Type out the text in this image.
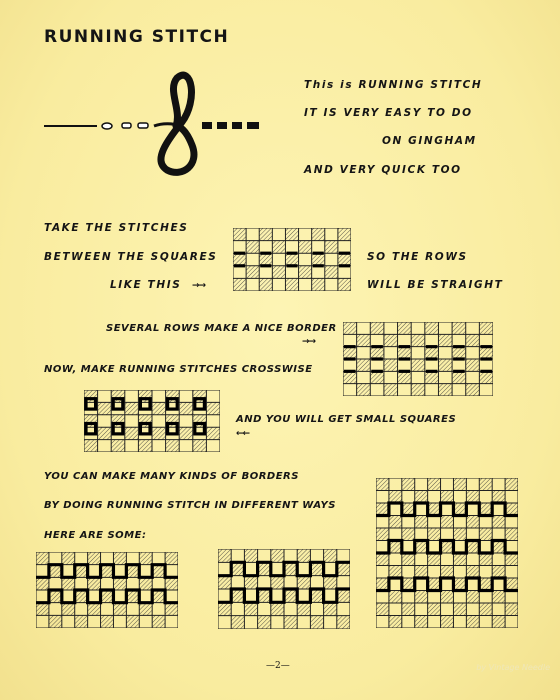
RUNNING STITCH
This is RUNNING STITCH
IT IS VERY EASY TO DO
ON GINGHAM
AND VERY QUICK TOO
TAKE THE STITCHES
BETWEEN THE SQUARES
LIKE THIS →→
SO THE ROWS
WILL BE STRAIGHT
SEVERAL ROWS MAKE A NICE BORDER
→→
NOW, MAKE RUNNING STITCHES CROSSWISE
AND YOU WILL GET SMALL SQUARES
←←
YOU CAN MAKE MANY KINDS OF BORDERS
BY DOING RUNNING STITCH IN DIFFERENT WAYS
HERE ARE SOME:
—2—	by Vintage Needle
